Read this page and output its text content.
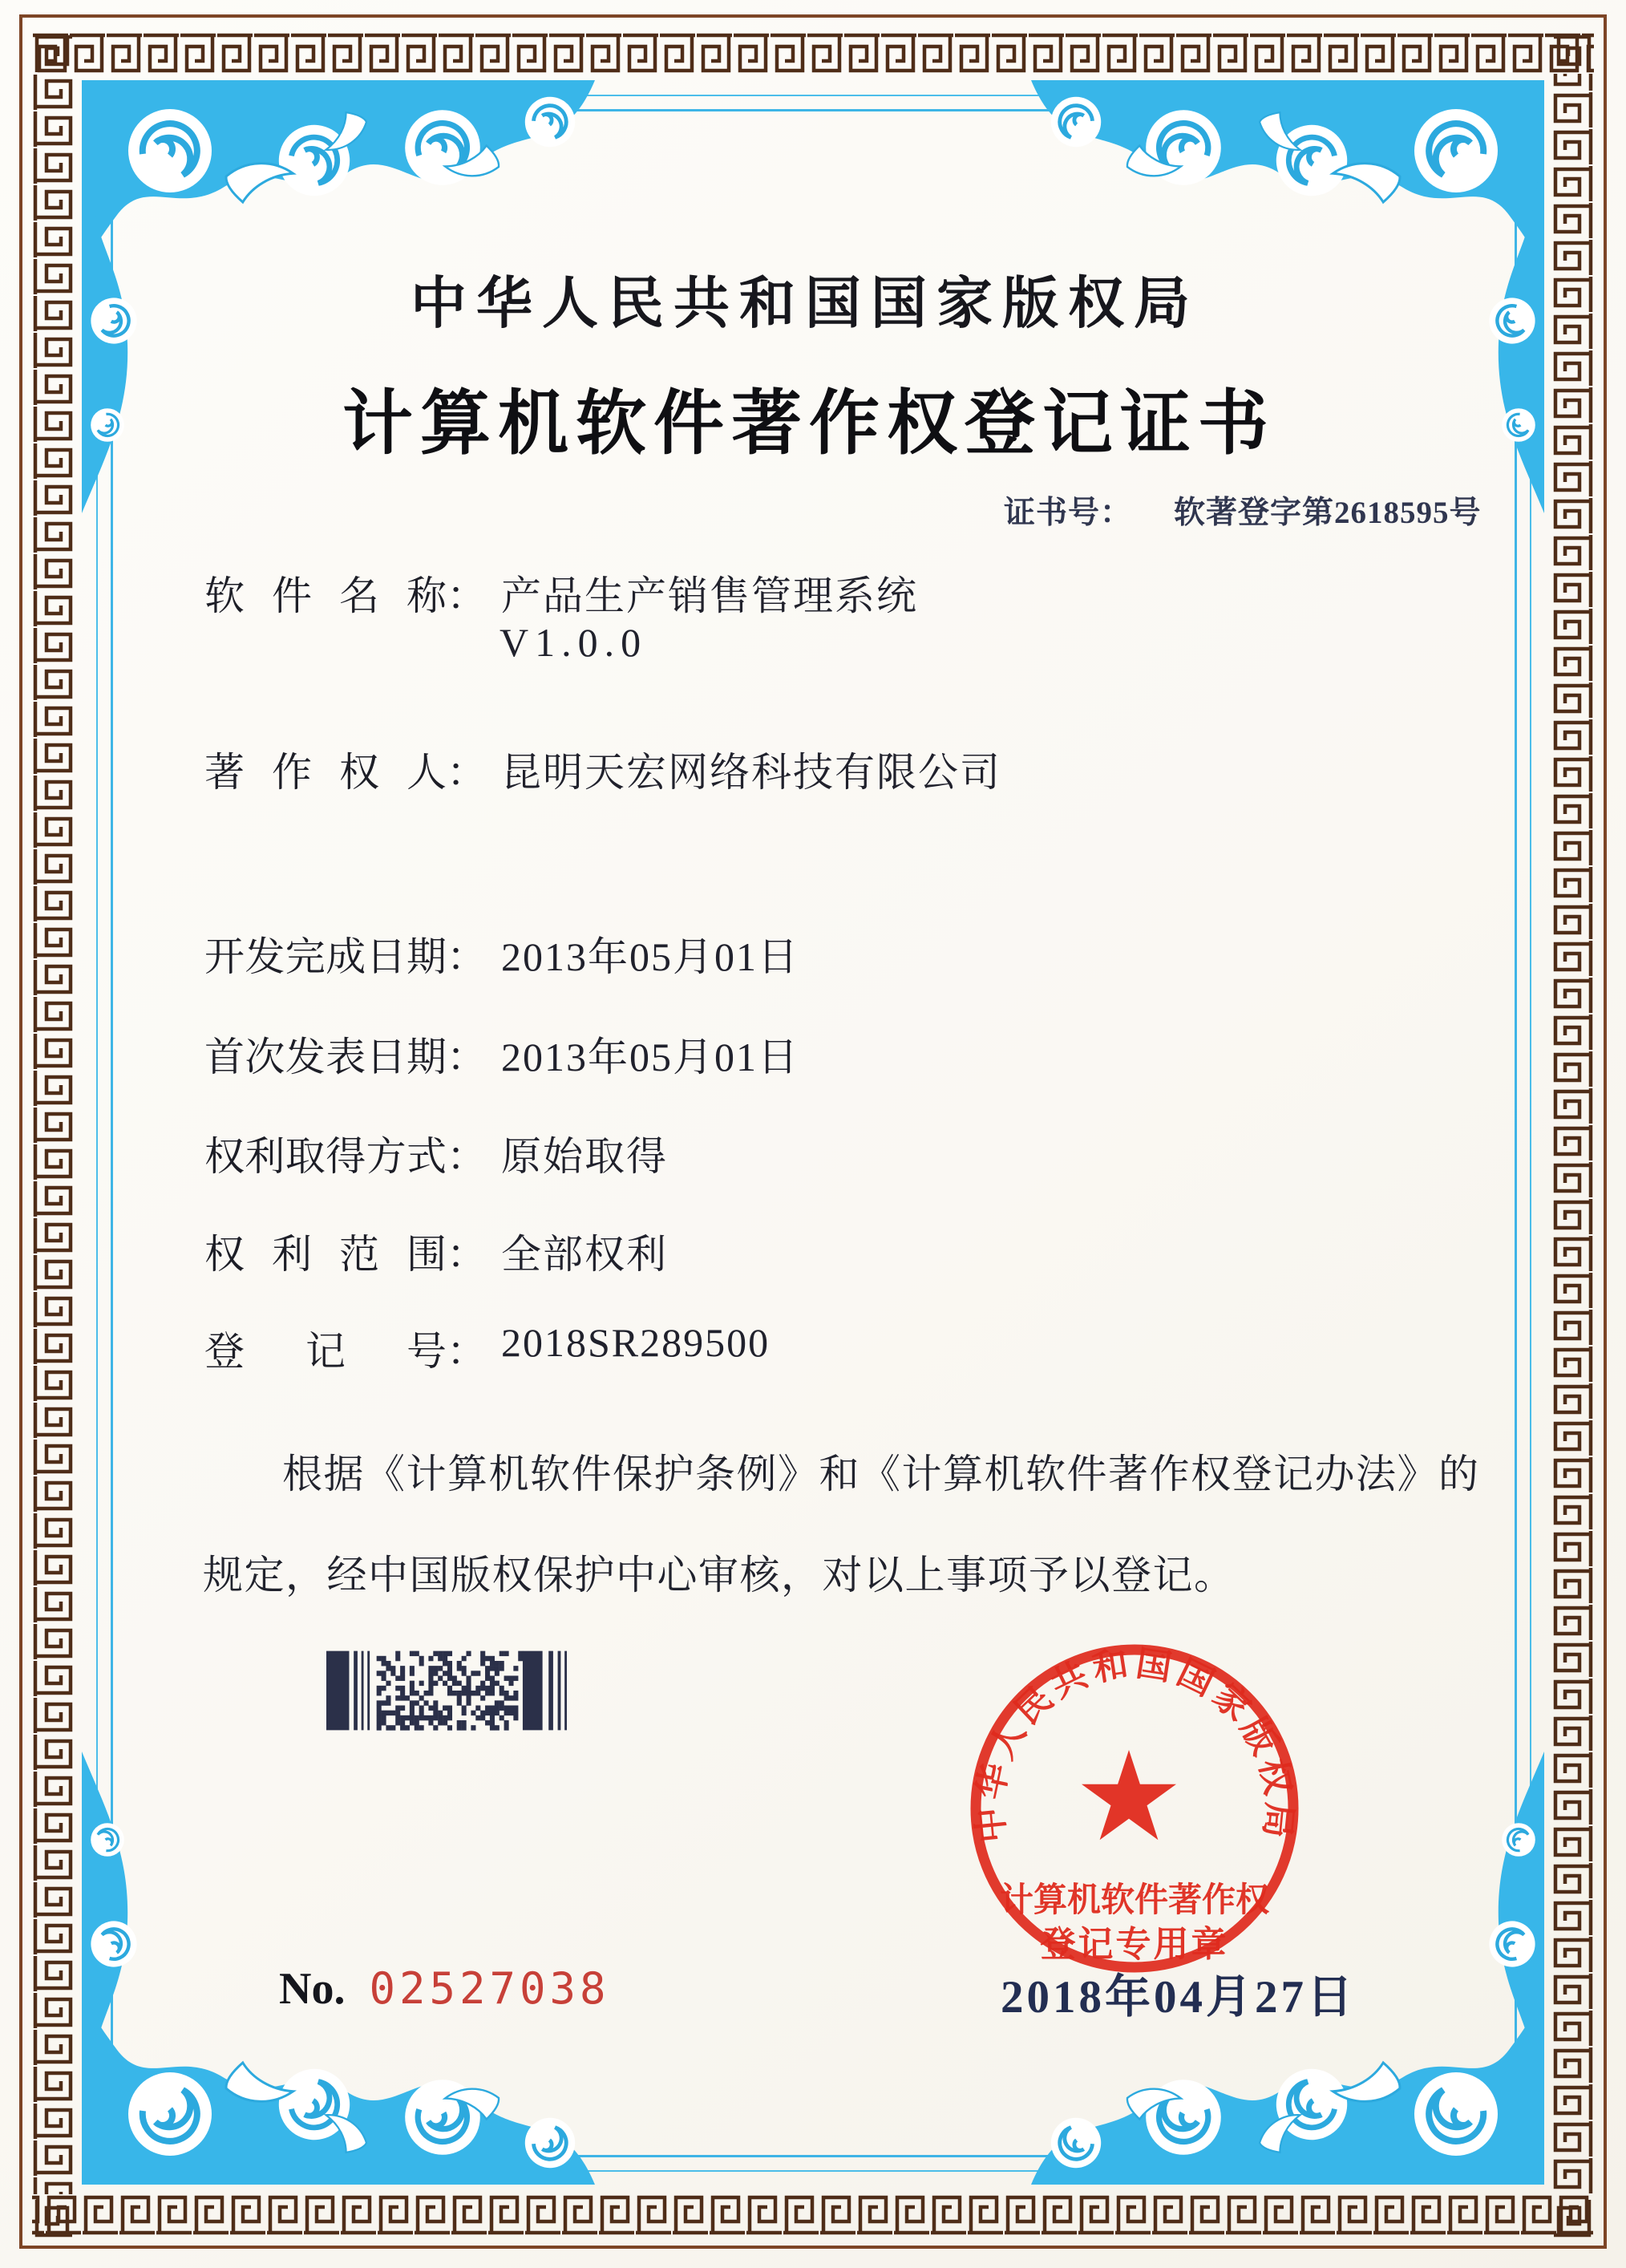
中华人民共和国国家版权局
计算机软件著作权登记证书
证书号： 软著登字第2618595号
软件名称 ： 产品生产销售管理系统
V1.0.0
著作权人 ： 昆明天宏网络科技有限公司
开发完成日期 ： 2013年05月01日
首次发表日期 ： 2013年05月01日
权利取得方式 ： 原始取得
权利范围 ： 全部权利
登记号 ： 2018SR289500
根据《计算机软件保护条例》和《计算机软件著作权登记办法》的
规定，经中国版权保护中心审核，对以上事项予以登记。
中华人民共和国国家版权局
计算机软件著作权
登记专用章
2018年04月27日
No. 02527038
